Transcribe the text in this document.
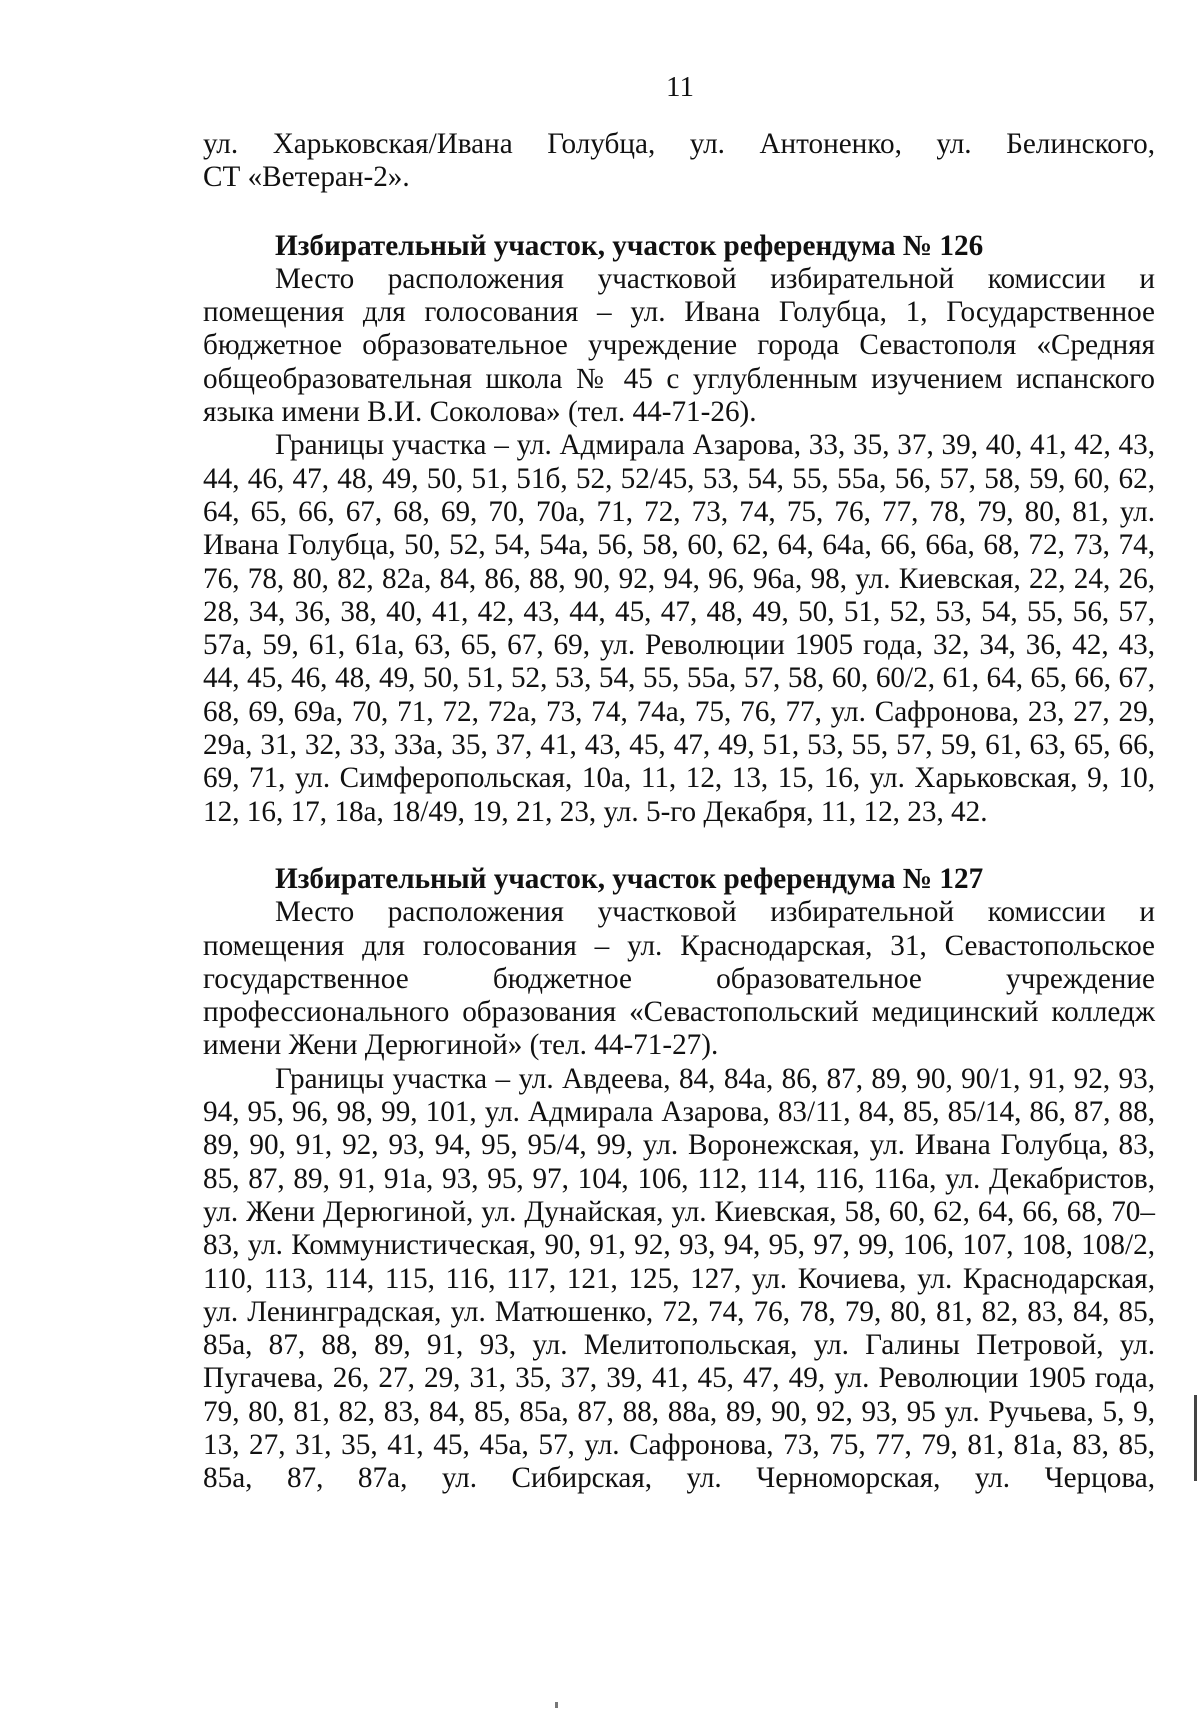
11

ул. Харьковская/Ивана Голубца, ул. Антоненко, ул. Белинского,

СТ «Ветеран-2».

Избирательный участок, участок референдума № 126

Место расположения участковой избирательной комиссии и помещения для голосования – ул. Ивана Голубца, 1, Государственное бюджетное образовательное учреждение города Севастополя «Средняя общеобразовательная школа № 45 с углубленным изучением испанского языка имени В.И. Соколова» (тел. 44-71-26).

Границы участка – ул. Адмирала Азарова, 33, 35, 37, 39, 40, 41, 42, 43, 44, 46, 47, 48, 49, 50, 51, 51б, 52, 52/45, 53, 54, 55, 55а, 56, 57, 58, 59, 60, 62, 64, 65, 66, 67, 68, 69, 70, 70а, 71, 72, 73, 74, 75, 76, 77, 78, 79, 80, 81, ул. Ивана Голубца, 50, 52, 54, 54а, 56, 58, 60, 62, 64, 64а, 66, 66а, 68, 72, 73, 74, 76, 78, 80, 82, 82а, 84, 86, 88, 90, 92, 94, 96, 96а, 98, ул. Киевская, 22, 24, 26, 28, 34, 36, 38, 40, 41, 42, 43, 44, 45, 47, 48, 49, 50, 51, 52, 53, 54, 55, 56, 57, 57а, 59, 61, 61а, 63, 65, 67, 69, ул. Революции 1905 года, 32, 34, 36, 42, 43, 44, 45, 46, 48, 49, 50, 51, 52, 53, 54, 55, 55а, 57, 58, 60, 60/2, 61, 64, 65, 66, 67, 68, 69, 69а, 70, 71, 72, 72а, 73, 74, 74а, 75, 76, 77, ул. Сафронова, 23, 27, 29, 29а, 31, 32, 33, 33а, 35, 37, 41, 43, 45, 47, 49, 51, 53, 55, 57, 59, 61, 63, 65, 66, 69, 71, ул. Симферопольская, 10а, 11, 12, 13, 15, 16, ул. Харьковская, 9, 10, 12, 16, 17, 18а, 18/49, 19, 21, 23, ул. 5-го Декабря, 11, 12, 23, 42.

Избирательный участок, участок референдума № 127

Место расположения участковой избирательной комиссии и помещения для голосования – ул. Краснодарская, 31, Севастопольское государственное бюджетное образовательное учреждение профессионального образования «Севастопольский медицинский колледж имени Жени Дерюгиной» (тел. 44-71-27).

Границы участка – ул. Авдеева, 84, 84а, 86, 87, 89, 90, 90/1, 91, 92, 93, 94, 95, 96, 98, 99, 101, ул. Адмирала Азарова, 83/11, 84, 85, 85/14, 86, 87, 88, 89, 90, 91, 92, 93, 94, 95, 95/4, 99, ул. Воронежская, ул. Ивана Голубца, 83, 85, 87, 89, 91, 91а, 93, 95, 97, 104, 106, 112, 114, 116, 116а, ул. Декабристов, ул. Жени Дерюгиной, ул. Дунайская, ул. Киевская, 58, 60, 62, 64, 66, 68, 70–83, ул. Коммунистическая, 90, 91, 92, 93, 94, 95, 97, 99, 106, 107, 108, 108/2, 110, 113, 114, 115, 116, 117, 121, 125, 127, ул. Кочиева, ул. Краснодарская, ул. Ленинградская, ул. Матюшенко, 72, 74, 76, 78, 79, 80, 81, 82, 83, 84, 85, 85а, 87, 88, 89, 91, 93, ул. Мелитопольская, ул. Галины Петровой, ул. Пугачева, 26, 27, 29, 31, 35, 37, 39, 41, 45, 47, 49, ул. Революции 1905 года, 79, 80, 81, 82, 83, 84, 85, 85а, 87, 88, 88а, 89, 90, 92, 93, 95 ул. Ручьева, 5, 9, 13, 27, 31, 35, 41, 45, 45а, 57, ул. Сафронова, 73, 75, 77, 79, 81, 81а, 83, 85, 85а, 87, 87а, ул. Сибирская, ул. Черноморская, ул. Черцова,
